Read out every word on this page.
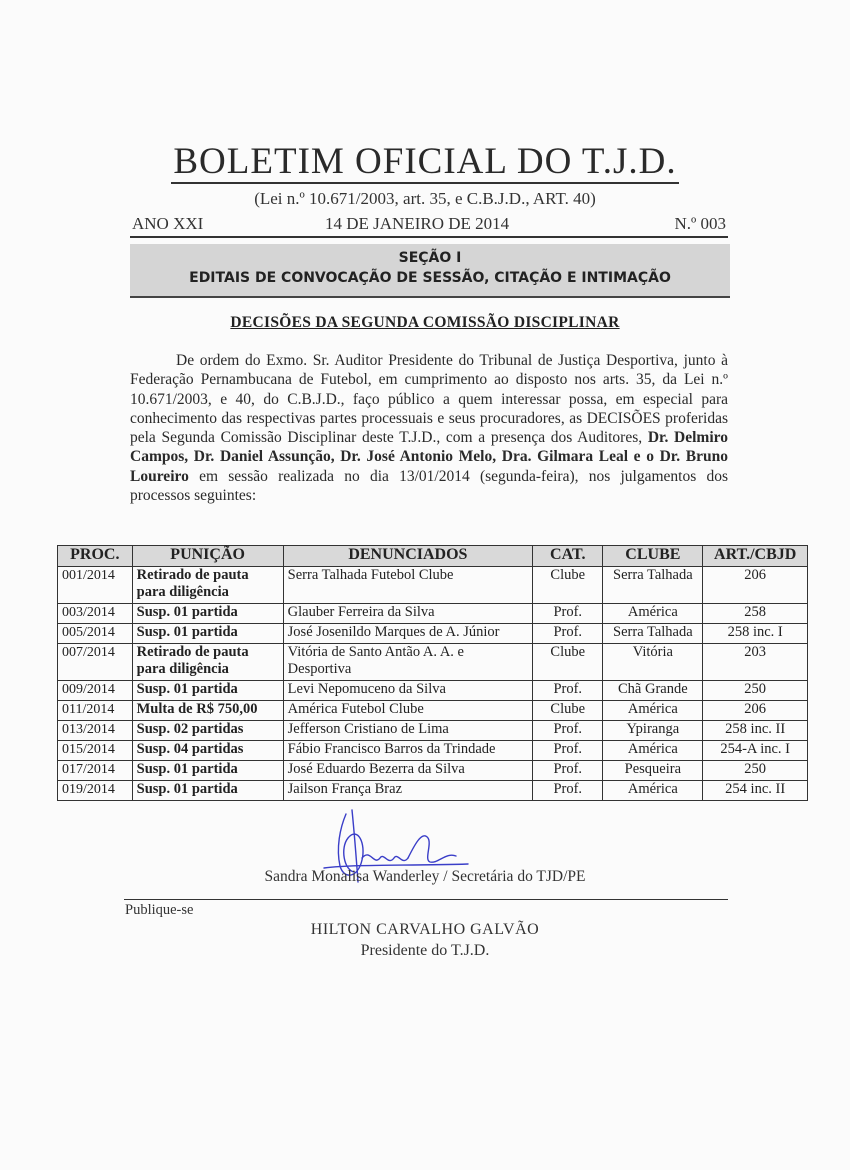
BOLETIM OFICIAL DO T.J.D.
(Lei n.º 10.671/2003, art. 35, e C.B.J.D., ART. 40)
ANO XXI	14 DE JANEIRO DE 2014	N.º 003
SEÇÃO I
EDITAIS DE CONVOCAÇÃO DE SESSÃO, CITAÇÃO E INTIMAÇÃO
DECISÕES DA SEGUNDA COMISSÃO DISCIPLINAR

De ordem do Exmo. Sr. Auditor Presidente do Tribunal de Justiça Desportiva, junto à Federação Pernambucana de Futebol, em cumprimento ao disposto nos arts. 35, da Lei n.º 10.671/2003, e 40, do C.B.J.D., faço público a quem interessar possa, em especial para conhecimento das respectivas partes processuais e seus procuradores, as DECISÕES proferidas pela Segunda Comissão Disciplinar deste T.J.D., com a presença dos Auditores, Dr. Delmiro Campos, Dr. Daniel Assunção, Dr. José Antonio Melo, Dra. Gilmara Leal e o Dr. Bruno Loureiro em sessão realizada no dia 13/01/2014 (segunda-feira), nos julgamentos dos processos seguintes:

PROC.	PUNIÇÃO	DENUNCIADOS	CAT.	CLUBE	ART./CBJD
001/2014	Retirado de pauta para diligência	Serra Talhada Futebol Clube	Clube	Serra Talhada	206
003/2014	Susp. 01 partida	Glauber Ferreira da Silva	Prof.	América	258
005/2014	Susp. 01 partida	José Josenildo Marques de A. Júnior	Prof.	Serra Talhada	258 inc. I
007/2014	Retirado de pauta para diligência	Vitória de Santo Antão A. A. e Desportiva	Clube	Vitória	203
009/2014	Susp. 01 partida	Levi Nepomuceno da Silva	Prof.	Chã Grande	250
011/2014	Multa de R$ 750,00	América Futebol Clube	Clube	América	206
013/2014	Susp. 02 partidas	Jefferson Cristiano de Lima	Prof.	Ypiranga	258 inc. II
015/2014	Susp. 04 partidas	Fábio Francisco Barros da Trindade	Prof.	América	254-A inc. I
017/2014	Susp. 01 partida	José Eduardo Bezerra da Silva	Prof.	Pesqueira	250
019/2014	Susp. 01 partida	Jailson França Braz	Prof.	América	254 inc. II
Sandra Monalisa Wanderley / Secretária do TJD/PE
Publique-se
HILTON CARVALHO GALVÃO
Presidente do T.J.D.
